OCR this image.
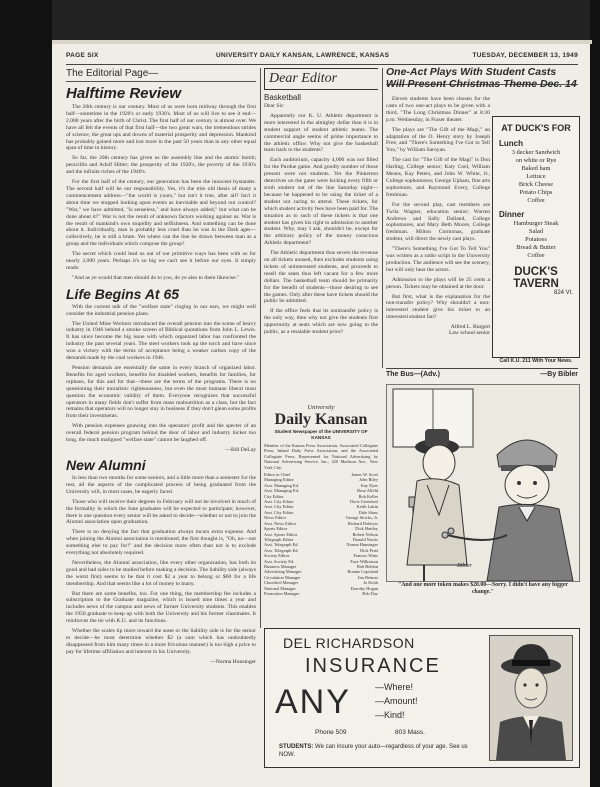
PAGE SIX	UNIVERSITY DAILY KANSAN, LAWRENCE, KANSAS	TUESDAY, DECEMBER 13, 1949
The Editorial Page—
Halftime Review

The 20th century is our century. Most of us were born midway through the first half—sometime in the 1920's or early 1930's. Most of us will live to see it end—2,000 years after the birth of Christ. The first half of our century is almost over. We have all felt the events of that first half—the two great wars, the tremendous strides of science, the great ups and downs of material prosperity and depression. Mankind has probably gained more and lost more in the past 50 years than in any other equal span of time in history.

So far, the 20th century has given us the assembly line and the atomic bomb; penicillin and Adolf Hitler; the prosperity of the 1920's, the poverty of the 1930's and the infinite riches of the 1940's.

For the first half of the century, our generation has been the innocent bystander. The second half will be our responsibility. Yes, it's the trite old thesis of many a commencement address—"the world is yours," but isn't it true, after all? Isn't it about time we stopped looking upon events as inevitable and beyond our control? "War," we have admitted, "is senseless," and have always added," but what can be done about it?" War is not the result of unknown factors working against us. War is the result of mankind's own stupidity and selfishness. And something can be done about it. Individually, man is probably less cruel than he was in the Dark ages—collectively, he is still a brute. Yet where can the line be drawn between man as a group and the individuals which compose the group?

The secret which could lead us out of our primitive ways has been with us for nearly 2,000 years. Perhaps it's so big we can't see it before our eyes. It simply reads:

"And as ye would that men should do to you, do ye also to them likewise."

Life Begins At 65

With the current talk of the "welfare state" ringing in our ears, we might well consider the industrial pension plans.

The United Mine Workers introduced the overall pension into the scene of heavy industry in 1946 behind a smoke screen of Biblical quotations from John L. Lewis. It has since become the big issue with which organized labor has confronted the industry the past several years. The steel workers took up the torch and have since won a victory with the terms of acceptance being a weaker carbon copy of the demands made by the coal workers in 1946.

Pension demands are essentially the same in every branch of organized labor. Benefits for aged workers, benefits for disabled workers, benefits for families, for orphans, for this and for that—these are the terms of the programs. There is no questioning their moralistic righteousness, but even the most humane liberal must question the economic validity of them. Everyone recognizes that successful operators in many fields don't suffer from mass malnutrition as a class, but the fact remains that operators will no longer stay in business if they don't glean some profits from their investments.

With pension expenses gnawing into the operators' profit and the specter of an overall federal pension program behind the door of labor and industry bicker too long, the much maligned "welfare state" cannot be laughed off.

—Bill DeLay
New Alumni

In less than two months for some seniors, and a little more than a semester for the rest, all the aspects of the complicated process of being graduated from the University will, in most cases, be eagerly faced.

Those who will receive their degrees in February will not be involved in much of the formality in which the June graduates will be expected to participate; however, there is one question every senior will be asked to decide—whether or not to join the Alumni association upon graduation.

There is no denying the fact that graduation always incurs extra expense. And when joining the Alumni association is mentioned, the first thought is, "Oh, no—not something else to pay for!" and the decision more often than not is to exclude everything not absolutely required.

Nevertheless, the Alumni association, like every other organization, has both its good and bad sides to be studied before making a decision. The liability side (always the worst first) seems to be that it cost $2 a year to belong or $60 for a life membership. And that seems like a lot of money to many.

But there are some benefits, too. For one thing, the membership fee includes a subscription to the Graduate magazine, which is issued nine times a year and includes news of the campus and news of former University students. This enables the 1950 graduate to keep up with both the University and his former classmates. It reinforces the tie with K.U. and its functions.

Whether the scales tip more toward the asset or the liability side is for the senior to decide—he must determine whether $2 (a sum which has undoubtedly disappeared from him many times in a more frivolous manner) is too high a price to pay for lifetime affiliation and interest in his University.

—Norma Hunsinger
Dear Editor
Basketball
Dear Sir:

Apparently our K. U. Athletic department is more interested in the almighty dollar than it is in student support of student athletic teams. The commercial angle seems of prime importance to the athletic office. Why not give the basketball team back to the students?

Each auditorium, capacity 4,000 was not filled for the Purdue game. And goodly number of those present were not students. Yet the Pinkerton detectives on the gates were kicking every fifth or sixth student out of the line Saturday night—because he happened to be using the ticket of a student not caring to attend. These tickets, for which student activity fees have been paid for. The situation as to such of these tickets is that one student has given his right to admission to another student. Why, may I ask, shouldn't he, except for the arbitrary policy of the money conscious Athletic department?

The Athletic department thus severs the revenue on all tickets unused, then excludes students using tickets of uninterested students, and proceeds to resell the seats thus left vacant for a few more dollars. The basketball team should be primarily for the benefit of students—those desiring to see the games. Only after these have tickets should the public be admitted.

If the office feels that its nontransfer policy is the only way, then why not give the students first opportunity at seats which are now going to the public, as a resalable student price?

University
Daily Kansan
Student Newspaper of the UNIVERSITY OF KANSAS
Member of the Kansas Press Association, Associated Collegiate Press, Inland Daily Press Association, and the Associated Collegiate Press. Represented for National Advertising by National Advertising Service, Inc., 420 Madison Ave., New York City.
Editor in Chief	James W. Scott
Managing Editor	John Riley
Asst. Managing Ed.	Kay Dyer
Asst. Managing Ed.	Rose Alfeld
City Editor	Bob Keller
Asst. City Editor	Doris Greenleaf
Asst. City Editor	Keith Lattin
Asst. City Editor	Dale Shaw
News Editor	George Stricks, Jr.
Asst. News Editor	Richard Dobeyer
Sports Editor	Dick Hartley
Asst. Sports Editor	Robert Nelson
Telegraph Editor	Donald Norris
Asst. Telegraph Ed.	Norma Hunsinger
Asst. Telegraph Ed.	Dick Pratt
Society Editor	Frances Watts
Asst. Society Ed.	Faye Wilkinson
Business Manager	Bob Beldon
Advertising Manager	Bonnie Copeland
Circulation Manager	Jim Reimer
Classified Manager	Jo Keith
National Manager	Dorothy Hogan
Promotion Manager	Bob Day
One-Act Plays With Student Casts
Will Present Christmas Theme Dec. 14

Eleven students have been chosen for the casts of two one-act plays to be given with a third, "The Long Christmas Dinner" at 8:30 p.m. Wednesday, in Fraser theater.

The plays are "The Gift of the Magi," an adaptation of the O. Henry story by Joseph Free, and "There's Something I've Got to Tell You," by William Saroyan.

The cast for "The Gift of the Magi" is Don Harling, College senior; Katy Coel, William Means, Kay Peters, and John W. White, Jr., College sophomores; George Upham, fine arts sophomore, and Raymond Every, College freshman.

For the second play, cast members are Twila Wagner, education senior; Warren Andrews and Sally Dalland, College sophomores, and Mary Beth Moore, College freshman. Milton Cormonas, graduate student, will direct the newly cast plays.

"There's Something I've Got To Tell You" was written as a radio script in the University production. The audience will see the scenery, but will only hear the actors.

Admission to the plays will be 25 cents a person. Tickets may be obtained at the door.

But first, what is the explanation for the non-transfer policy? Why shouldn't a non-interested student give his ticket to an interested student fan?

Alfred L. Burgert
Law school senior
AT DUCK'S FOR
Lunch
3 decker Sandwich
on white or Rye
Baked ham
Lettuce
Brick Cheese
Potato Chips
Coffee
Dinner
Hamburger Steak
Salad
Potatoes
Bread & Butter
Coffee
DUCK'S
TAVERN
824 Vt.
Call K.U. 211 With Your News.
The Bus—(Adv.)	—By Bibler
Bibler
"And one more token makes $20.00—Sorry. I didn't have any bigger change."
DEL RICHARDSON
INSURANCE
ANY	—Where!
—Amount!
—Kind!
Phone 509	803 Mass.
STUDENTS: We can insure your auto—regardless of your age. See us NOW.
